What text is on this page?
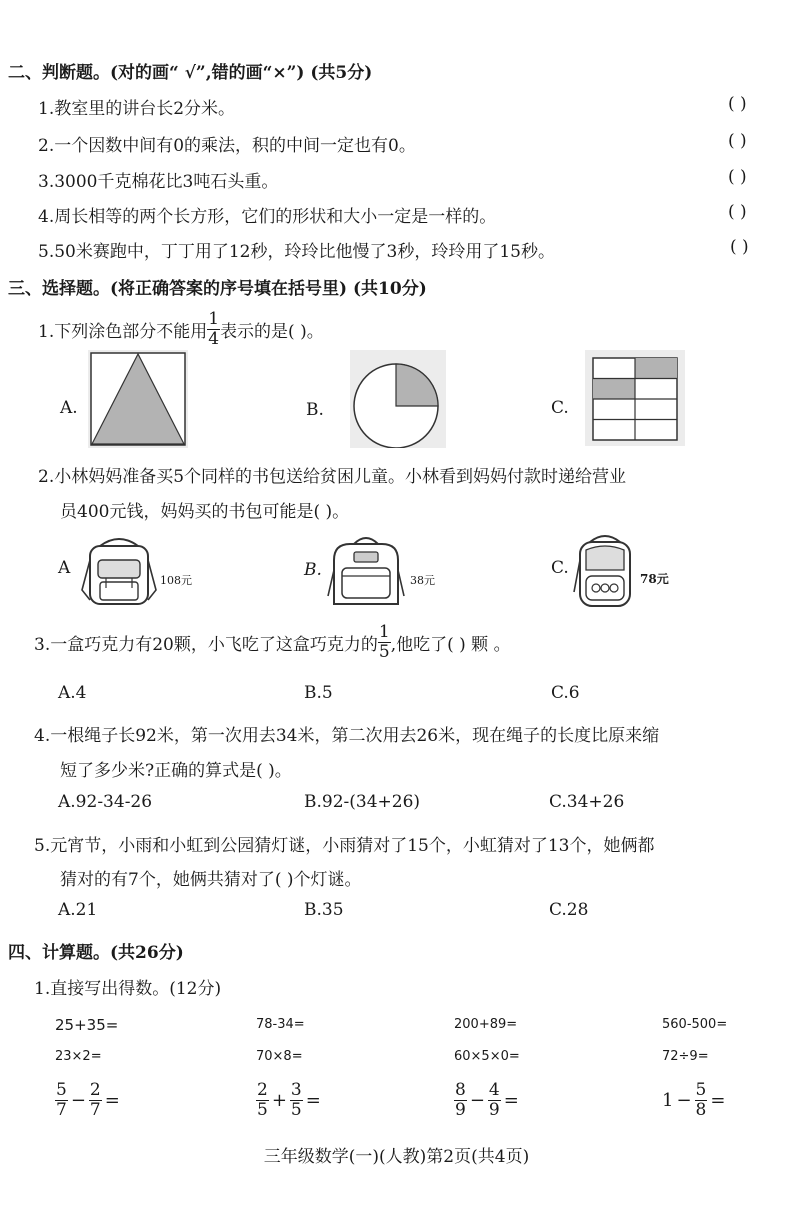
二、判断题。(对的画“ √”,错的画“×”) (共5分)
1.教室里的讲台长2分米。	( )
2.一个因数中间有0的乘法，积的中间一定也有0。	( )
3.3000千克棉花比3吨石头重。	( )
4.周长相等的两个长方形，它们的形状和大小一定是一样的。	( )
5.50米赛跑中，丁丁用了12秒，玲玲比他慢了3秒，玲玲用了15秒。	( )
三、选择题。(将正确答案的序号填在括号里) (共10分)
1.下列涂色部分不能用 $\frac{1}{4}$ 表示的是( )。
A.	B.	C.
2.小林妈妈准备买5个同样的书包送给贫困儿童。小林看到妈妈付款时递给营业
员400元钱，妈妈买的书包可能是( )。
A
108元
B.
38元
C.
78元
3.一盒巧克力有20颗，小飞吃了这盒巧克力的 $\frac{1}{5}$ ,他吃了( ) 颗 。
A.4	B.5	C.6
4.一根绳子长92米，第一次用去34米，第二次用去26米，现在绳子的长度比原来缩
短了多少米?正确的算式是( )。
A.92-34-26	B.92-(34+26)	C.34+26
5.元宵节，小雨和小虹到公园猜灯谜，小雨猜对了15个，小虹猜对了13个，她俩都
猜对的有7个，她俩共猜对了( )个灯谜。
A.21	B.35	C.28
四、计算题。(共26分)
1.直接写出得数。(12分)
25+35=	78-34=	200+89=	560-500=
23×2=	70×8=	60×5×0=	72÷9=
$\frac{5}{7} - \frac{2}{7}$ =	$\frac{2}{5} + \frac{3}{5}$ =	$\frac{8}{9} - \frac{4}{9}$ =	$1 - \frac{5}{8}$ =
三年级数学(一)(人教)第2页(共4页)
